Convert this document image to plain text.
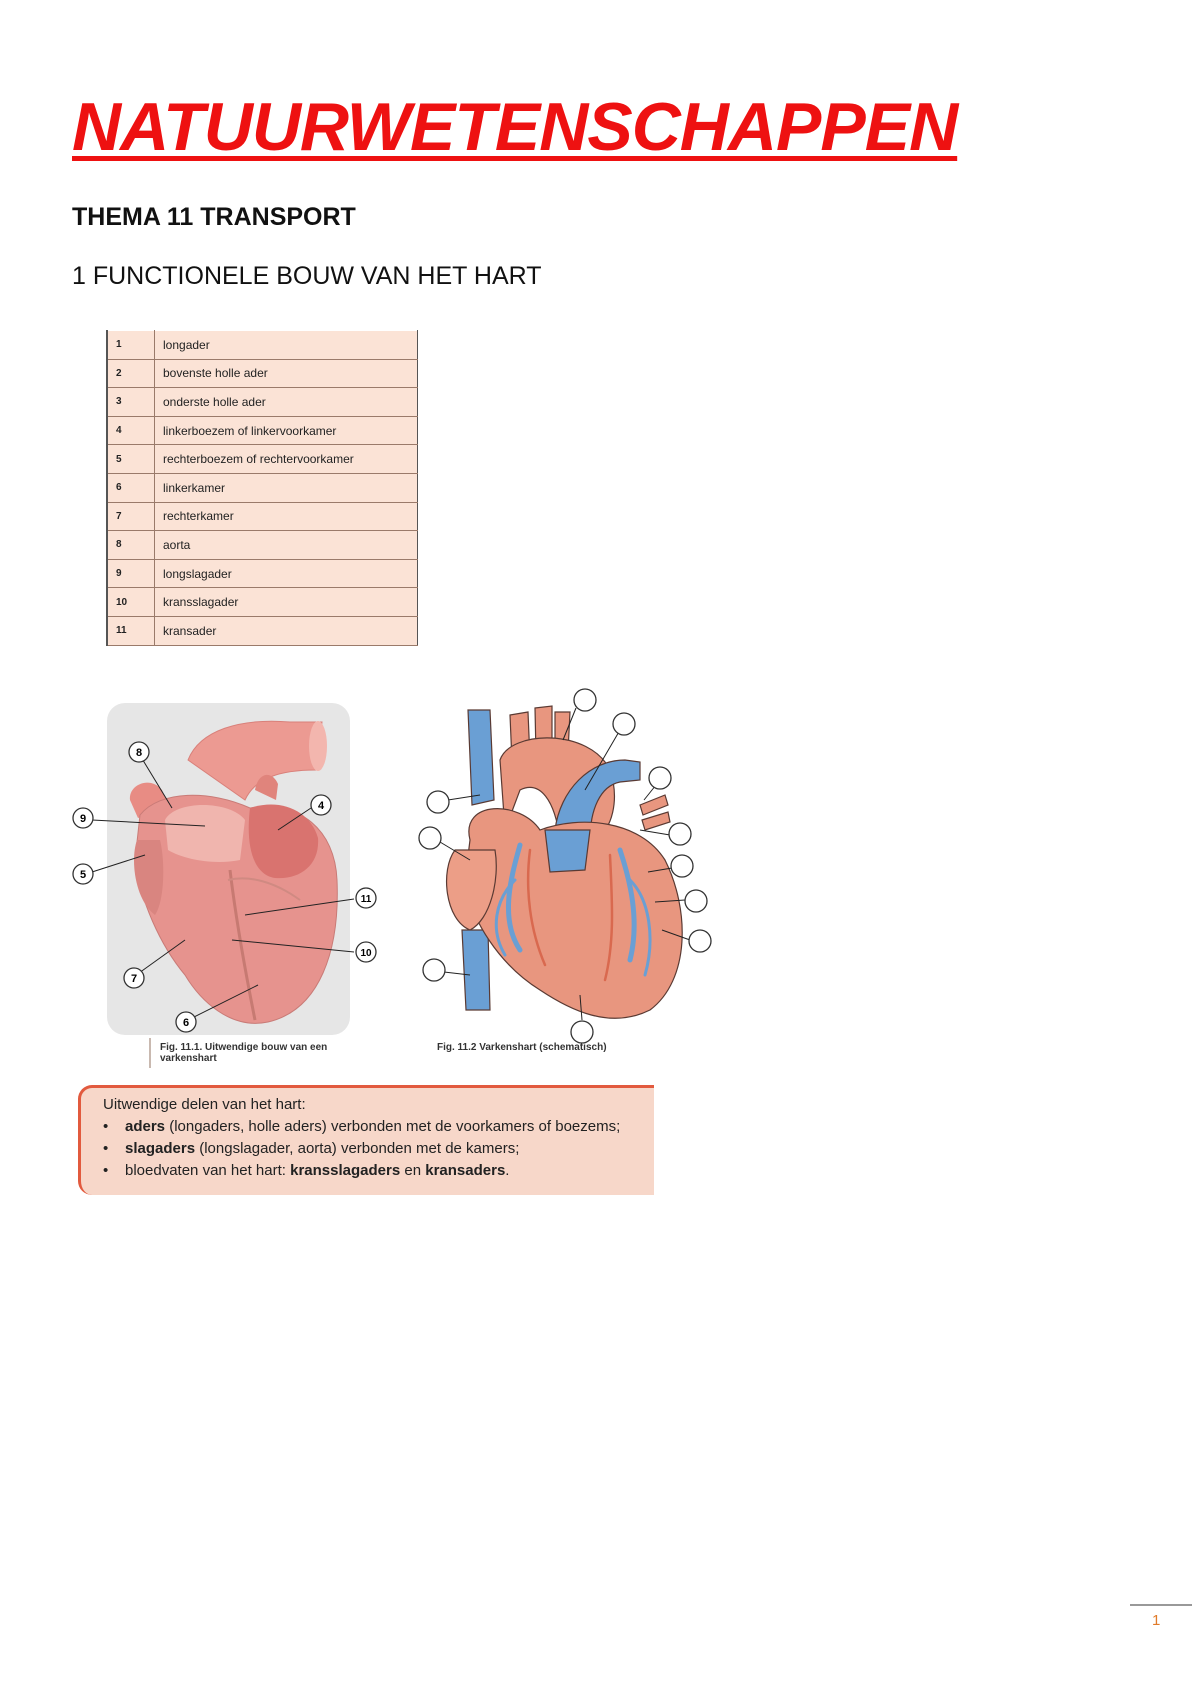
NATUURWETENSCHAPPEN
THEMA 11 TRANSPORT
1 FUNCTIONELE BOUW VAN HET HART
1	longader
2	bovenste holle ader
3	onderste holle ader
4	linkerboezem of linkervoorkamer
5	rechterboezem of rechtervoorkamer
6	linkerkamer
7	rechterkamer
8	aorta
9	longslagader
10	kransslagader
11	kransader
8
9
4
5
11
10
7
6
Fig. 11.1. Uitwendige bouw van een varkenshart
Fig. 11.2 Varkenshart (schematisch)

Uitwendige delen van het hart:

• aders (longaders, holle aders) verbonden met de voorkamers of boezems;
• slagaders (longslagader, aorta) verbonden met de kamers;
• bloedvaten van het hart: kransslagaders en kransaders.
1
